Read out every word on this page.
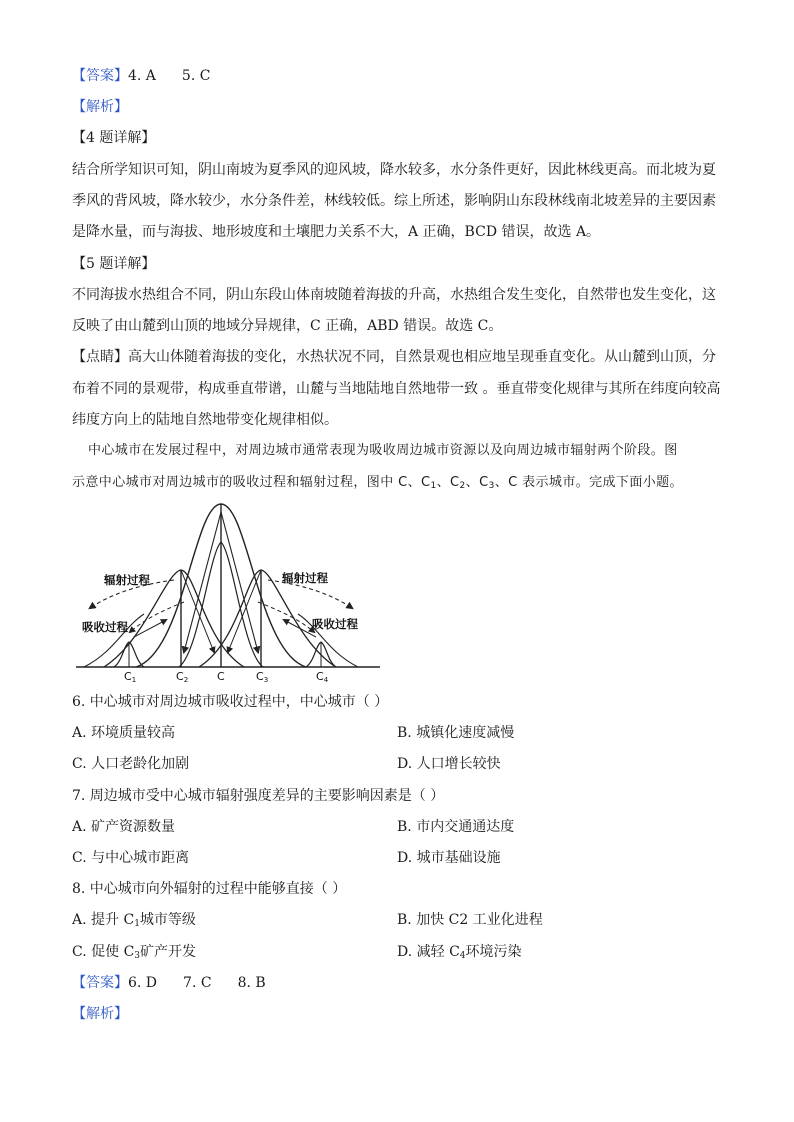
【答案】4. A 5. C
【解析】
【4 题详解】
结合所学知识可知，阴山南坡为夏季风的迎风坡，降水较多，水分条件更好，因此林线更高。而北坡为夏
季风的背风坡，降水较少，水分条件差，林线较低。综上所述，影响阴山东段林线南北坡差异的主要因素
是降水量，而与海拔、地形坡度和土壤肥力关系不大，A 正确，BCD 错误，故选 A。
【5 题详解】
不同海拔水热组合不同，阴山东段山体南坡随着海拔的升高，水热组合发生变化，自然带也发生变化，这
反映了由山麓到山顶的地域分异规律，C 正确，ABD 错误。故选 C。
【点睛】高大山体随着海拔的变化，水热状况不同，自然景观也相应地呈现垂直变化。从山麓到山顶，分
布着不同的景观带，构成垂直带谱，山麓与当地陆地自然地带一致 。垂直带变化规律与其所在纬度向较高
纬度方向上的陆地自然地带变化规律相似。
中心城市在发展过程中，对周边城市通常表现为吸收周边城市资源以及向周边城市辐射两个阶段。图
示意中心城市对周边城市的吸收过程和辐射过程，图中 C、$C_1$、$C_2$、$C_3$、C 表示城市。完成下面小题。
辐射过程	辐射过程
吸收过程	吸收过程
C1	C2	C	C3	C4
6. 中心城市对周边城市吸收过程中，中心城市（ ）
A. 环境质量较高	B. 城镇化速度减慢
C. 人口老龄化加剧	D. 人口增长较快
7. 周边城市受中心城市辐射强度差异的主要影响因素是（ ）
A. 矿产资源数量	B. 市内交通通达度
C. 与中心城市距离	D. 城市基础设施
8. 中心城市向外辐射的过程中能够直接（ ）
A. 提升 $C_1$城市等级	B. 加快 C2 工业化进程
C. 促使 $C_3$矿产开发	D. 减轻 $C_4$环境污染
【答案】6. D 7. C 8. B
【解析】
